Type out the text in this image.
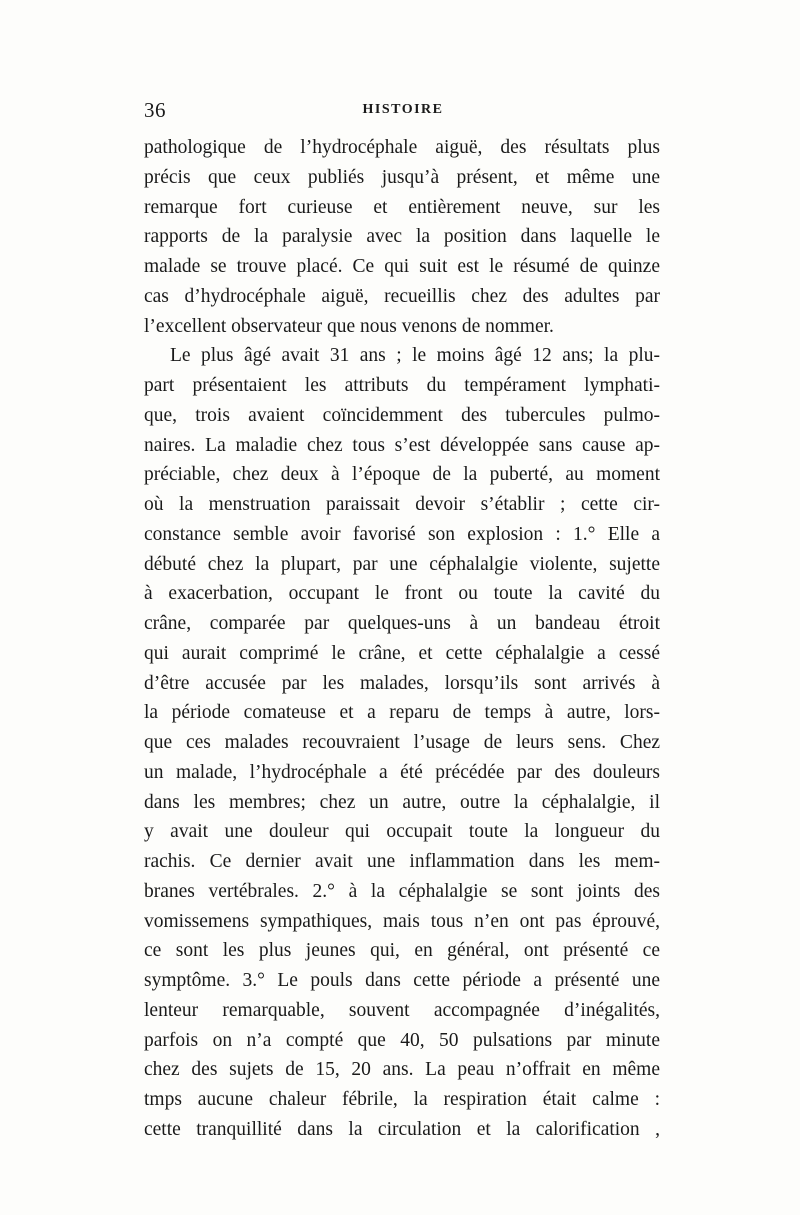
36	HISTOIRE
pathologique de l’hydrocéphale aiguë, des résultats plus
précis que ceux publiés jusqu’à présent, et même une
remarque fort curieuse et entièrement neuve, sur les
rapports de la paralysie avec la position dans laquelle le
malade se trouve placé. Ce qui suit est le résumé de quinze
cas d’hydrocéphale aiguë, recueillis chez des adultes par
l’excellent observateur que nous venons de nommer.
Le plus âgé avait 31 ans ; le moins âgé 12 ans; la plu-
part présentaient les attributs du tempérament lymphati-
que, trois avaient coïncidemment des tubercules pulmo-
naires. La maladie chez tous s’est développée sans cause ap-
préciable, chez deux à l’époque de la puberté, au moment
où la menstruation paraissait devoir s’établir ; cette cir-
constance semble avoir favorisé son explosion : 1.° Elle a
débuté chez la plupart, par une céphalalgie violente, sujette
à exacerbation, occupant le front ou toute la cavité du
crâne, comparée par quelques-uns à un bandeau étroit
qui aurait comprimé le crâne, et cette céphalalgie a cessé
d’être accusée par les malades, lorsqu’ils sont arrivés à
la période comateuse et a reparu de temps à autre, lors-
que ces malades recouvraient l’usage de leurs sens. Chez
un malade, l’hydrocéphale a été précédée par des douleurs
dans les membres; chez un autre, outre la céphalalgie, il
y avait une douleur qui occupait toute la longueur du
rachis. Ce dernier avait une inflammation dans les mem-
branes vertébrales. 2.° à la céphalalgie se sont joints des
vomissemens sympathiques, mais tous n’en ont pas éprouvé,
ce sont les plus jeunes qui, en général, ont présenté ce
symptôme. 3.° Le pouls dans cette période a présenté une
lenteur remarquable, souvent accompagnée d’inégalités,
parfois on n’a compté que 40, 50 pulsations par minute
chez des sujets de 15, 20 ans. La peau n’offrait en même
tmps aucune chaleur fébrile, la respiration était calme :
cette tranquillité dans la circulation et la calorification ,
